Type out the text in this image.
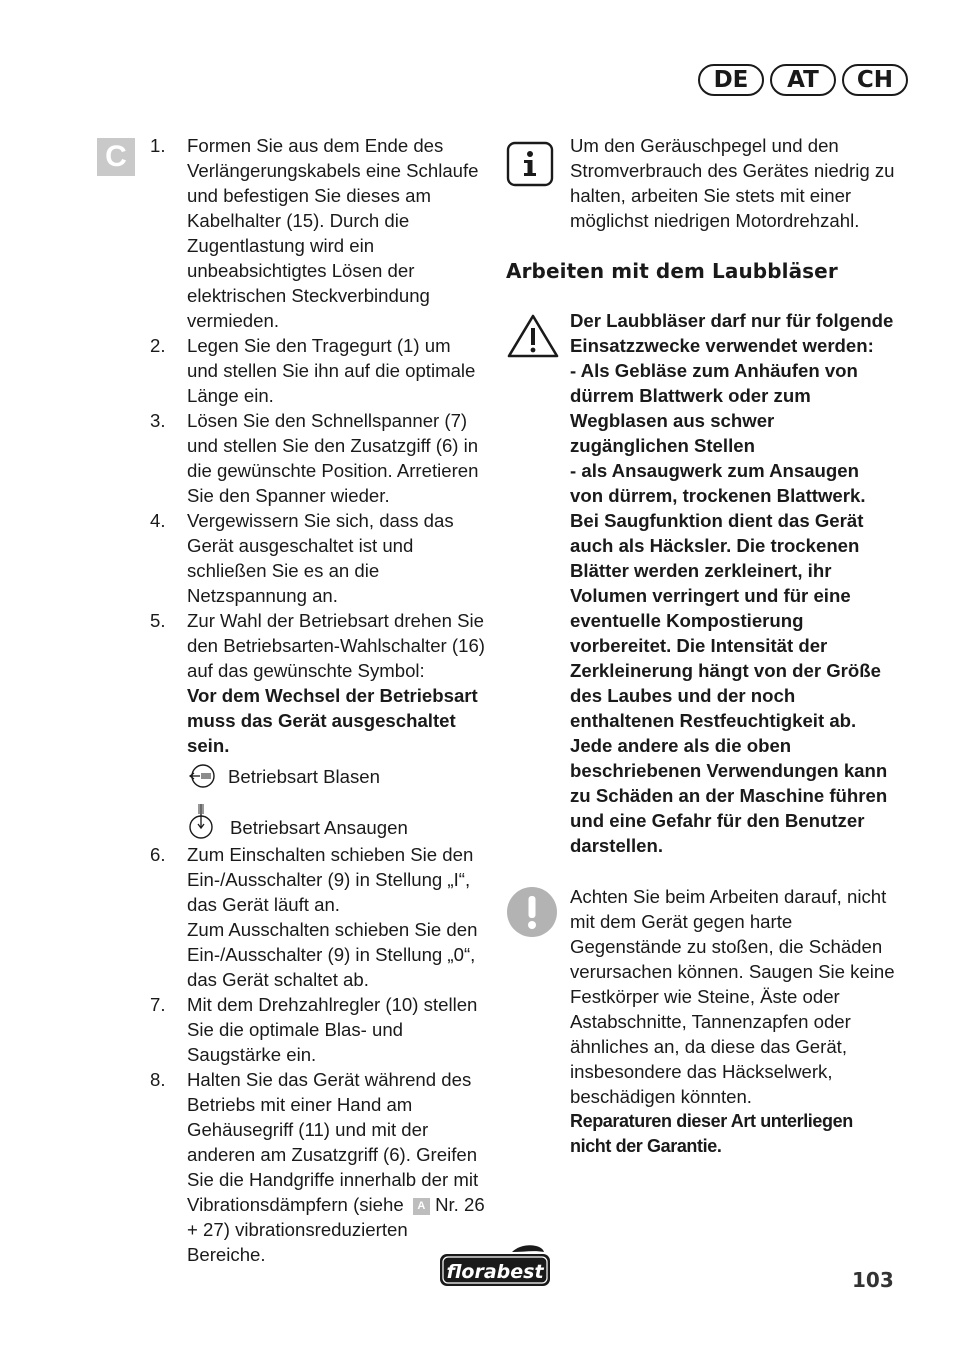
DE	AT	CH
C	1.	Formen Sie aus dem Ende des Verlängerungskabels eine Schlaufe und befestigen Sie dieses am Kabelhalter (15). Durch die Zugentlastung wird ein unbeabsichtigtes Lösen der elektrischen Steckverbindung vermieden.
2.	Legen Sie den Tragegurt (1) um und stellen Sie ihn auf die optimale Länge ein.
3.	Lösen Sie den Schnellspanner (7) und stellen Sie den Zusatzgiff (6) in die gewünschte Position. Arretieren Sie den Spanner wieder.
4.	Vergewissern Sie sich, dass das Gerät ausgeschaltet ist und schließen Sie es an die Netzspannung an.
5.	Zur Wahl der Betriebsart drehen Sie den Betriebsarten-Wahlschalter (16) auf das gewünschte Symbol:
Vor dem Wechsel der Betriebsart muss das Gerät ausgeschaltet sein.
Betriebsart Blasen
Betriebsart Ansaugen
6.	Zum Einschalten schieben Sie den Ein-/Ausschalter (9) in Stellung „I“, das Gerät läuft an.
Zum Ausschalten schieben Sie den Ein-/Ausschalter (9) in Stellung „0“, das Gerät schaltet ab.
7.	Mit dem Drehzahlregler (10) stellen Sie die optimale Blas- und Saugstärke ein.
8.	Halten Sie das Gerät während des Betriebs mit einer Hand am Gehäusegriff (11) und mit der anderen am Zusatzgriff (6). Greifen Sie die Handgriffe innerhalb der mit Vibrationsdämpfern (siehe A Nr. 26 + 27) vibrationsreduzierten Bereiche.
Um den Geräuschpegel und den Stromverbrauch des Gerätes niedrig zu halten, arbeiten Sie stets mit einer möglichst niedrigen Motordrehzahl.
Arbeiten mit dem Laubbläser
Der Laubbläser darf nur für folgende Einsatzzwecke verwendet werden:
- Als Gebläse zum Anhäufen von dürrem Blattwerk oder zum Wegblasen aus schwer zugänglichen Stellen
- als Ansaugwerk zum Ansaugen von dürrem, trockenen Blattwerk. Bei Saugfunktion dient das Gerät auch als Häcksler. Die trockenen Blätter werden zerkleinert, ihr Volumen verringert und für eine eventuelle Kompostierung vorbereitet. Die Intensität der Zerkleinerung hängt von der Größe des Laubes und der noch enthaltenen Restfeuchtigkeit ab.
Jede andere als die oben beschriebenen Verwendungen kann zu Schäden an der Maschine führen und eine Gefahr für den Benutzer darstellen.
Achten Sie beim Arbeiten darauf, nicht mit dem Gerät gegen harte Gegenstände zu stoßen, die Schäden verursachen können. Saugen Sie keine Festkörper wie Steine, Äste oder Astabschnitte, Tannenzapfen oder ähnliches an, da diese das Gerät, insbesondere das Häckselwerk, beschädigen könnten.
Reparaturen dieser Art unterliegen nicht der Garantie.
florabest	103
